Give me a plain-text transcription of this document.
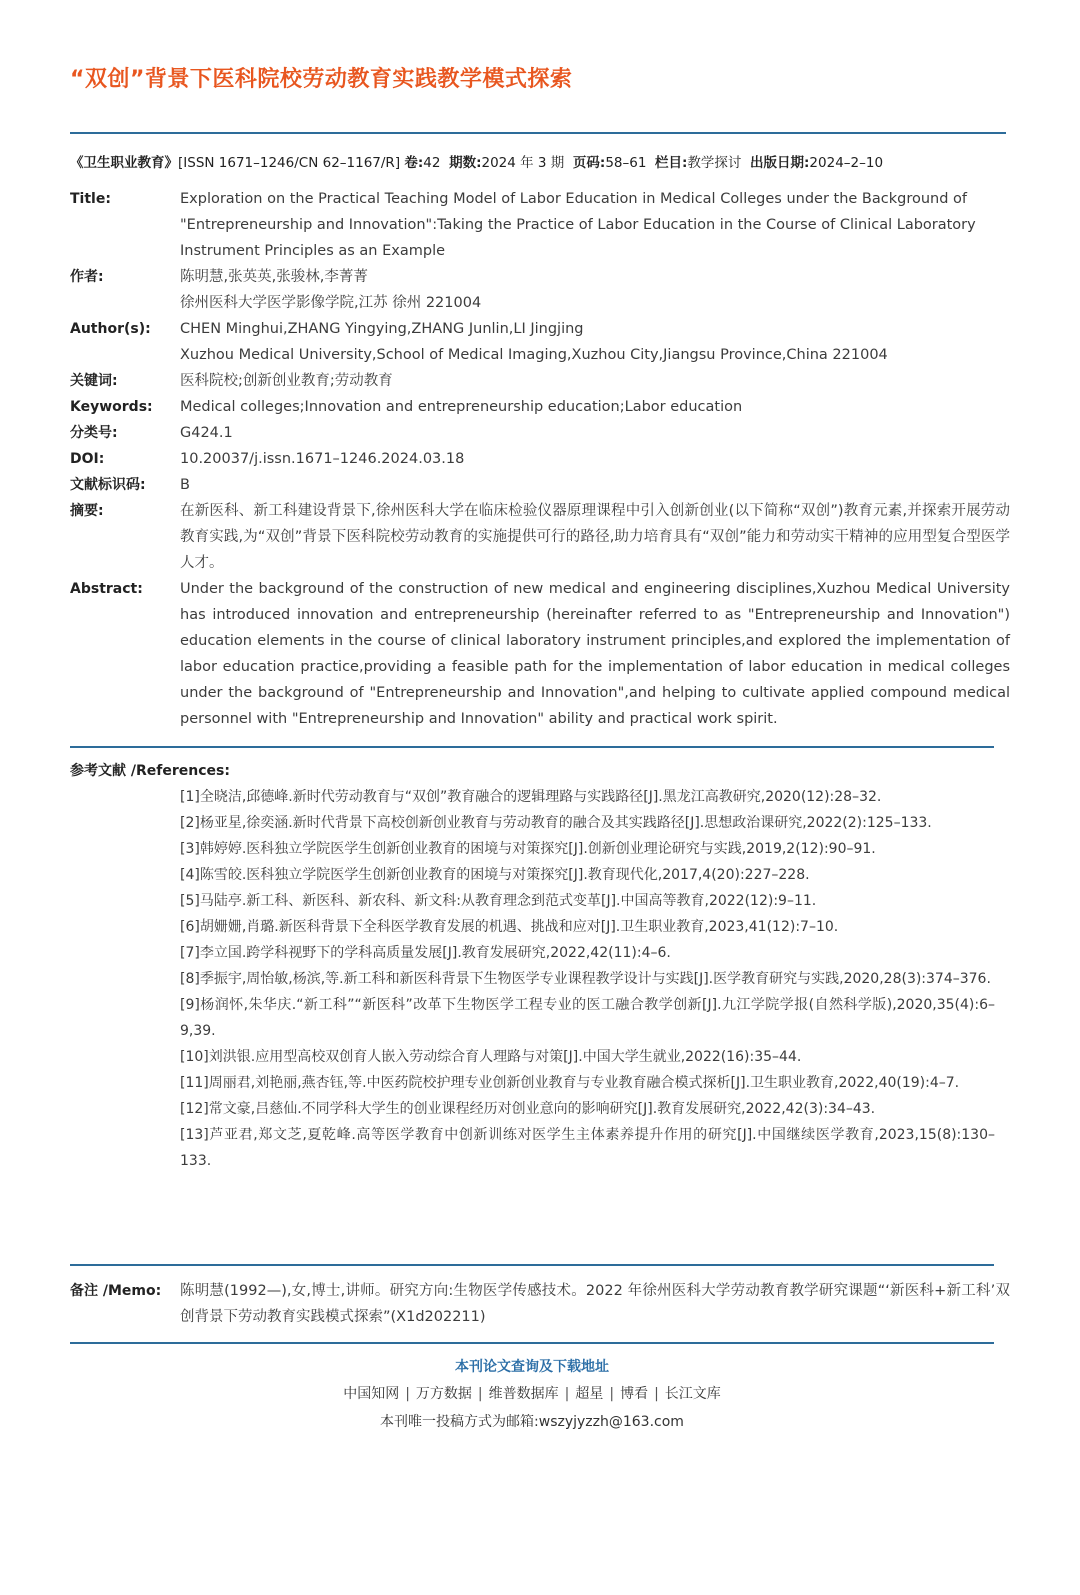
“双创”背景下医科院校劳动教育实践教学模式探索
《卫生职业教育》[ISSN 1671–1246/CN 62–1167/R] 卷:42 期数:2024 年 3 期 页码:58–61 栏目:教学探讨 出版日期:2024–2–10
Title:	Exploration on the Practical Teaching Model of Labor Education in Medical Colleges under the Background of
"Entrepreneurship and Innovation":Taking the Practice of Labor Education in the Course of Clinical Laboratory
Instrument Principles as an Example
作者:	陈明慧,张英英,张骏林,李菁菁
徐州医科大学医学影像学院,江苏 徐州 221004
Author(s):	CHEN Minghui,ZHANG Yingying,ZHANG Junlin,LI Jingjing
Xuzhou Medical University,School of Medical Imaging,Xuzhou City,Jiangsu Province,China 221004
关键词:	医科院校;创新创业教育;劳动教育
Keywords:	Medical colleges;Innovation and entrepreneurship education;Labor education
分类号:	G424.1
DOI:	10.20037/j.issn.1671–1246.2024.03.18
文献标识码:	B
摘要:	在新医科、新工科建设背景下,徐州医科大学在临床检验仪器原理课程中引入创新创业(以下简称“双创”)教育元素,并探索开展劳动教育实践,为“双创”背景下医科院校劳动教育的实施提供可行的路径,助力培育具有“双创”能力和劳动实干精神的应用型复合型医学人才。
Abstract:	Under the background of the construction of new medical and engineering disciplines,Xuzhou Medical University has introduced innovation and entrepreneurship (hereinafter referred to as "Entrepreneurship and Innovation") education elements in the course of clinical laboratory instrument principles,and explored the implementation of labor education practice,providing a feasible path for the implementation of labor education in medical colleges under the background of "Entrepreneurship and Innovation",and helping to cultivate applied compound medical personnel with "Entrepreneurship and Innovation" ability and practical work spirit.
参考文献 /References:
[1]全晓洁,邱德峰.新时代劳动教育与“双创”教育融合的逻辑理路与实践路径[J].黑龙江高教研究,2020(12):28–32.
[2]杨亚星,徐奕涵.新时代背景下高校创新创业教育与劳动教育的融合及其实践路径[J].思想政治课研究,2022(2):125–133.
[3]韩婷婷.医科独立学院医学生创新创业教育的困境与对策探究[J].创新创业理论研究与实践,2019,2(12):90–91.
[4]陈雪皎.医科独立学院医学生创新创业教育的困境与对策探究[J].教育现代化,2017,4(20):227–228.
[5]马陆亭.新工科、新医科、新农科、新文科:从教育理念到范式变革[J].中国高等教育,2022(12):9–11.
[6]胡姗姗,肖璐.新医科背景下全科医学教育发展的机遇、挑战和应对[J].卫生职业教育,2023,41(12):7–10.
[7]李立国.跨学科视野下的学科高质量发展[J].教育发展研究,2022,42(11):4–6.
[8]季振宇,周怡敏,杨滨,等.新工科和新医科背景下生物医学专业课程教学设计与实践[J].医学教育研究与实践,2020,28(3):374–376.
[9]杨润怀,朱华庆.“新工科”“新医科”改革下生物医学工程专业的医工融合教学创新[J].九江学院学报(自然科学版),2020,35(4):6–9,39.
[10]刘洪银.应用型高校双创育人嵌入劳动综合育人理路与对策[J].中国大学生就业,2022(16):35–44.
[11]周丽君,刘艳丽,燕杏钰,等.中医药院校护理专业创新创业教育与专业教育融合模式探析[J].卫生职业教育,2022,40(19):4–7.
[12]常文豪,吕慈仙.不同学科大学生的创业课程经历对创业意向的影响研究[J].教育发展研究,2022,42(3):34–43.
[13]芦亚君,郑文芝,夏乾峰.高等医学教育中创新训练对医学生主体素养提升作用的研究[J].中国继续医学教育,2023,15(8):130–133.
备注 /Memo:	陈明慧(1992—),女,博士,讲师。研究方向:生物医学传感技术。2022 年徐州医科大学劳动教育教学研究课题“‘新医科+新工科’双创背景下劳动教育实践模式探索”(X1d202211)
本刊论文查询及下载地址
中国知网 | 万方数据 | 维普数据库 | 超星 | 博看 | 长江文库
本刊唯一投稿方式为邮箱:wszyjyzzh@163.com
